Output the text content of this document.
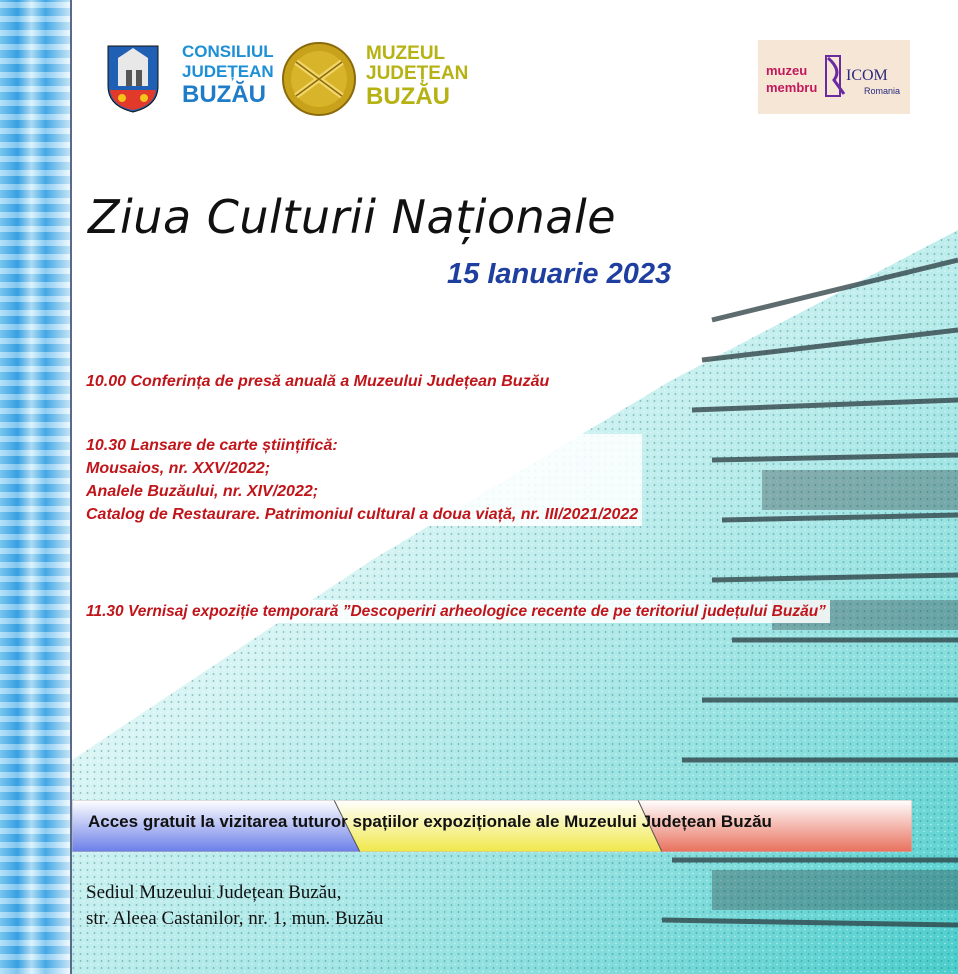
CONSILIUL
JUDEȚEAN
BUZĂU
MUZEUL
JUDEȚEAN
BUZĂU
muzeu
membru
ICOM
Romania
Ziua Culturii Naționale
15 Ianuarie 2023
10.00 Conferința de presă anuală a Muzeului Județean Buzău
10.30 Lansare de carte științifică:
Mousaios, nr. XXV/2022;
Analele Buzăului, nr. XIV/2022;
Catalog de Restaurare. Patrimoniul cultural a doua viață, nr. III/2021/2022
11.30 Vernisaj expoziție temporară ”Descoperiri arheologice recente de pe teritoriul județului Buzău”
Acces gratuit la vizitarea tuturor spațiilor expoziționale ale Muzeului Județean Buzău
Sediul Muzeului Județean Buzău,
str. Aleea Castanilor, nr. 1, mun. Buzău
